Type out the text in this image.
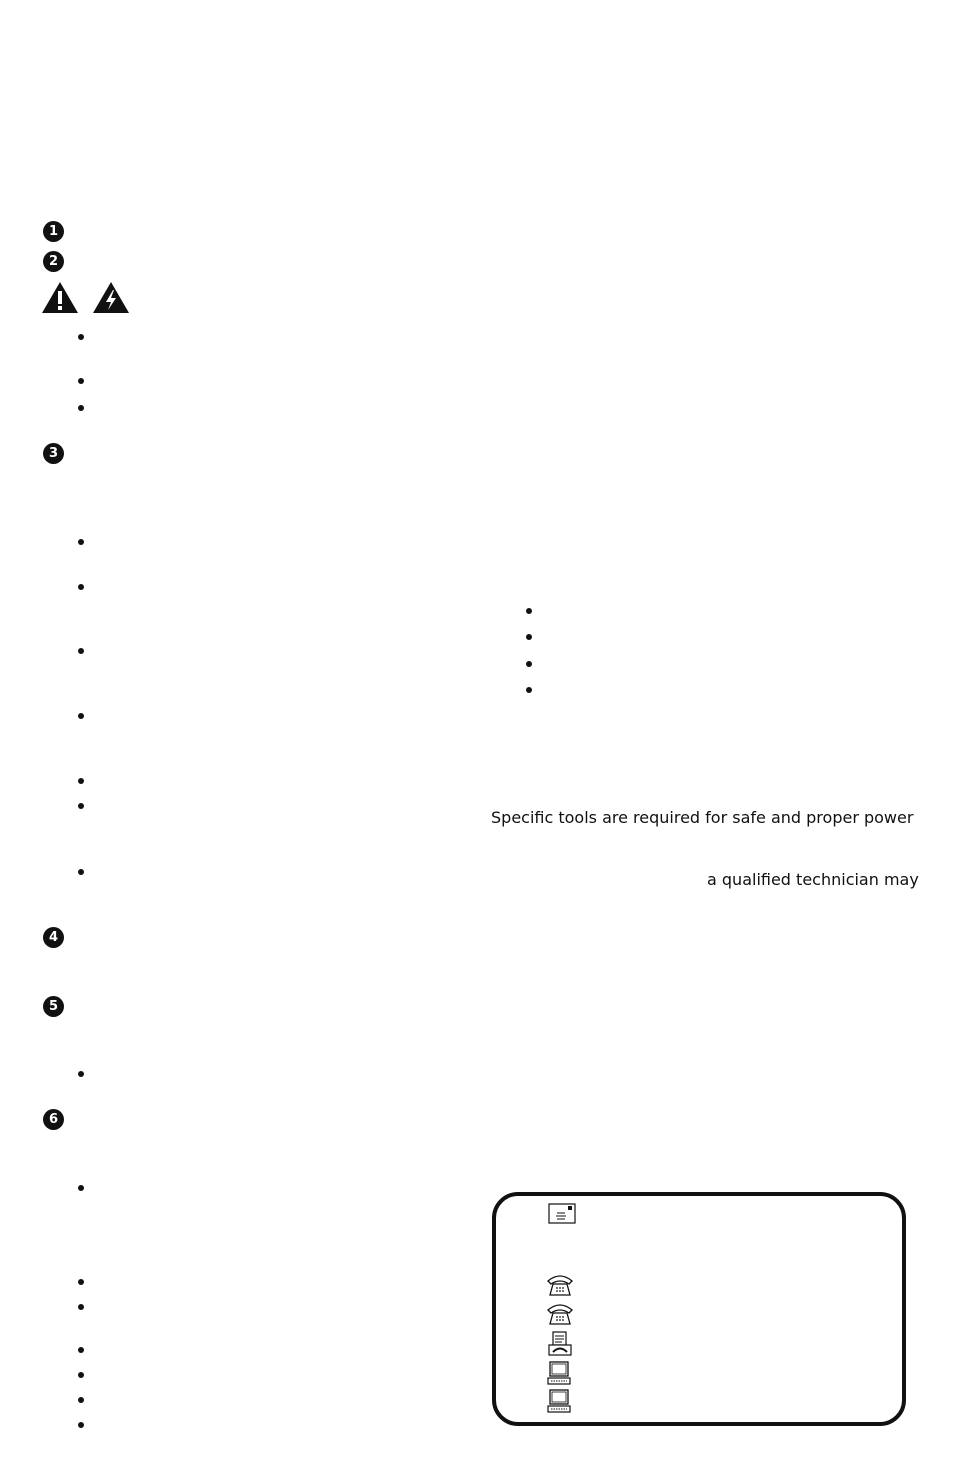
1
2
3
4
5
6
Specific tools are required for safe and proper power
a qualified technician may
